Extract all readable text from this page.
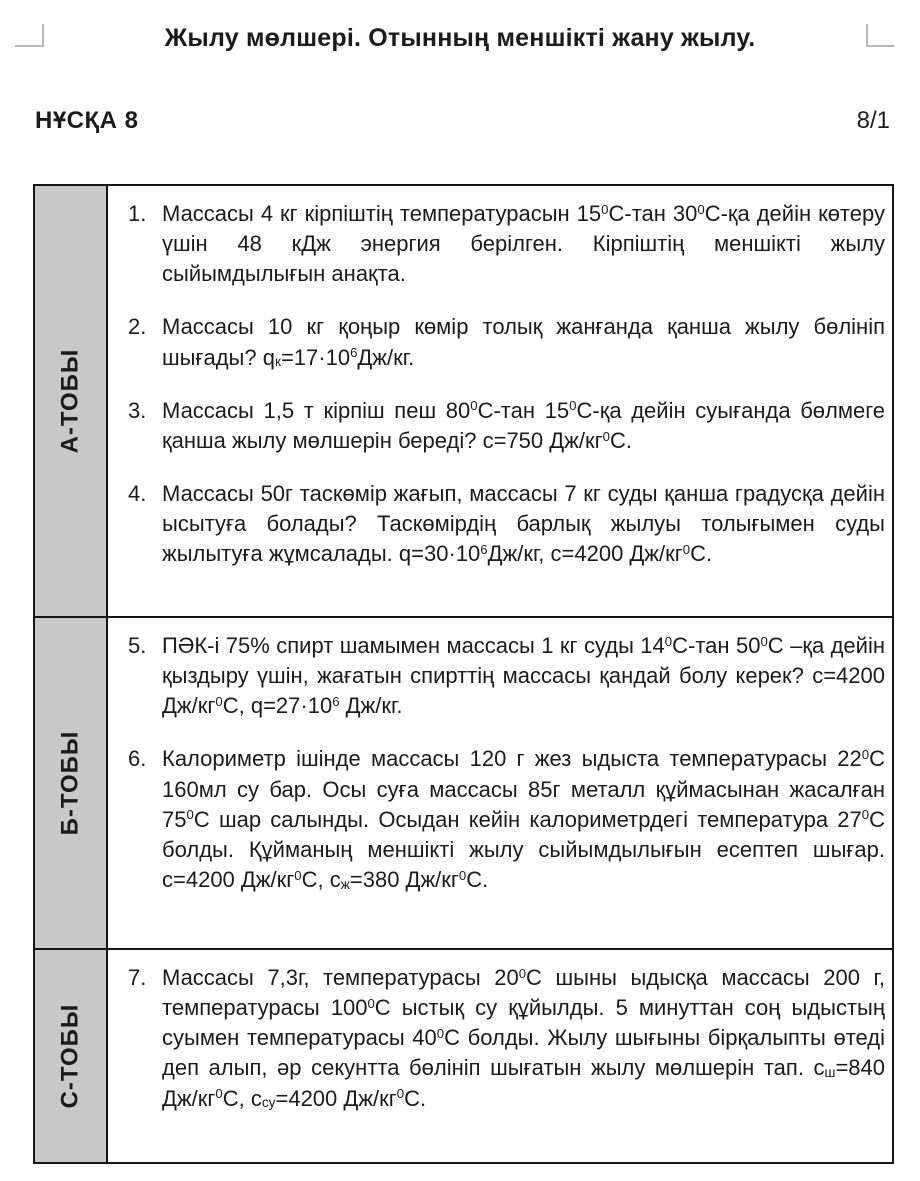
Жылу мөлшері. Отынның меншікті жану жылу.
НҰСҚА 8	8/1
А-ТОБЫ
1. Массасы 4 кг кірпіштің температурасын $15^0С$-тан $30^0С-қа$ дейін көтеру үшін 48 кДж энергия берілген. Кірпіштің меншікті жылу сыйымдылығын анақта.
2. Массасы 10 кг қоңыр көмір толық жанғанда қанша жылу бөлініп шығады? $q_к=17\cdot 10^6Дж/кг$.
3. Массасы 1,5 т кірпіш пеш $80^0С$-тан $15^0С-қа$ дейін суығанда бөлмеге қанша жылу мөлшерін береді? с=750 $Дж/кг^0С$.
4. Массасы 50г таскөмір жағып, массасы 7 кг суды қанша градусқа дейін ысытуға болады? Таскөмірдің барлық жылуы толығымен суды жылытуға жұмсалады. $q=30\cdot 10^6Дж/кг$, с=4200 $Дж/кг^0С$.
Б-ТОБЫ
5. ПӘК-і 75% спирт шамымен массасы 1 кг суды $14^0С$-тан $50^0С$ –қа дейін қыздыру үшін, жағатын спирттің массасы қандай болу керек? с=4200 $Дж/кг^0С$, $q=27\cdot 10^6$ Дж/кг.
6. Калориметр ішінде массасы 120 г жез ыдыста температурасы $22^0С$ 160мл су бар. Осы суға массасы 85г металл құймасынан жасалған $75^0С$ шар салынды. Осыдан кейін калориметрдегі температура $27^0С$ болды. Құйманың меншікті жылу сыйымдылығын есептеп шығар. с=4200 $Дж/кг^0С$, $с_ж=380$ $Дж/кг^0С$.
С-ТОБЫ
7. Массасы 7,3г, температурасы $20^0С$ шыны ыдысқа массасы 200 г, температурасы $100^0С$ ыстық су құйылды. 5 минуттан соң ыдыстың суымен температурасы $40^0С$ болды. Жылу шығыны бірқалыпты өтеді деп алып, әр секунтта бөлініп шығатын жылу мөлшерін тап. $с_ш=840$ $Дж/кг^0С$, $с_{су}=4200$ $Дж/кг^0С$.
